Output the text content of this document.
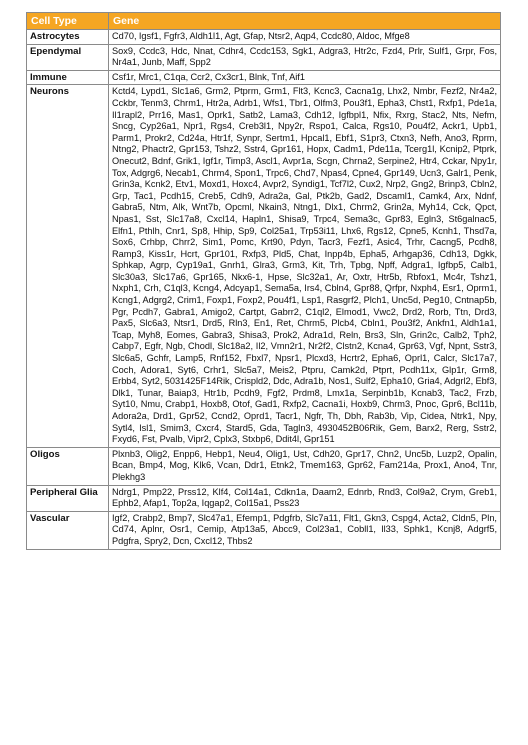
Cell Type	Gene
Astrocytes	Cd70, Igsf1, Fgfr3, Aldh1l1, Agt, Gfap, Ntsr2, Aqp4, Ccdc80, Aldoc, Mfge8
Ependymal	Sox9, Ccdc3, Hdc, Nnat, Cdhr4, Ccdc153, Sgk1, Adgra3, Htr2c, Fzd4, Prlr, Sulf1, Grpr, Fos, Nr4a1, Junb, Maff, Spp2
Immune	Csf1r, Mrc1, C1qa, Ccr2, Cx3cr1, Blnk, Tnf, Aif1
Neurons	Kctd4, Lypd1, Slc1a6, Grm2, Ptprm, Grm1, Flt3, Kcnc3, Cacna1g, Lhx2, Nmbr, Fezf2, Nr4a2, Cckbr, Tenm3, Chrm1, Htr2a, Adrb1, Wfs1, Tbr1, Olfm3, Pou3f1, Epha3, Chst1, Rxfp1, Pde1a, Il1rapl2, Prr16, Mas1, Oprk1, Satb2, Lama3, Cdh12, Igfbpl1, Nfix, Rxrg, Stac2, Nts, Nefm, Sncg, Cyp26a1, Npr1, Rgs4, Creb3l1, Npy2r, Rspo1, Calca, Rgs10, Pou4f2, Ackr1, Upb1, Parm1, Prokr2, Cd24a, Htr1f, Synpr, Sertm1, Hpcal1, Ebf1, S1pr3, Ctxn3, Nefh, Ano3, Rprm, Ntng2, Phactr2, Gpr153, Tshz2, Sstr4, Gpr161, Hopx, Cadm1, Pde11a, Tcerg1l, Kcnip2, Ptprk, Onecut2, Bdnf, Grik1, Igf1r, Timp3, Ascl1, Avpr1a, Scgn, Chrna2, Serpine2, Htr4, Cckar, Npy1r, Tox, Adgrg6, Necab1, Chrm4, Spon1, Trpc6, Chd7, Npas4, Cpne4, Gpr149, Ucn3, Galr1, Penk, Grin3a, Kcnk2, Etv1, Moxd1, Hoxc4, Avpr2, Syndig1, Tcf7l2, Cux2, Nrp2, Gng2, Brinp3, Cbln2, Grp, Tac1, Pcdh15, Creb5, Cdh9, Adra2a, Gal, Ptk2b, Gad2, Dscaml1, Camk4, Arx, Ndnf, Gabra5, Ntm, Alk, Wnt7b, Opcml, Nkain3, Ntng1, Dlx1, Chrm2, Grin2a, Myh14, Cck, Qpct, Npas1, Sst, Slc17a8, Cxcl14, Hapln1, Shisa9, Trpc4, Sema3c, Gpr83, Egln3, St6galnac5, Elfn1, Pthlh, Cnr1, Sp8, Hhip, Sp9, Col25a1, Trp53i11, Lhx6, Rgs12, Cpne5, Kcnh1, Thsd7a, Sox6, Crhbp, Chrr2, Sim1, Pomc, Krt90, Pdyn, Tacr3, Fezf1, Asic4, Trhr, Cacng5, Pcdh8, Ramp3, Kiss1r, Hcrt, Gpr101, Rxfp3, Pld5, Chat, Inpp4b, Epha5, Arhgap36, Cdh13, Dgkk, Sphkap, Agrp, Cyp19a1, Gnrh1, Glra3, Grm3, Kit, Trh, Tpbg, Npff, Adgra1, Igfbp5, Calb1, Slc30a3, Slc17a6, Gpr165, Nkx6-1, Hpse, Slc32a1, Ar, Oxtr, Htr5b, Rbfox1, Mc4r, Tshz1, Nxph1, Crh, C1ql3, Kcng4, Adcyap1, Sema5a, Irs4, Cbln4, Gpr88, Qrfpr, Nxph4, Esr1, Oprm1, Kcng1, Adgrg2, Crim1, Foxp1, Foxp2, Pou4f1, Lsp1, Rasgrf2, Plch1, Unc5d, Peg10, Cntnap5b, Pgr, Pcdh7, Gabra1, Amigo2, Cartpt, Gabrr2, C1ql2, Elmod1, Vwc2, Drd2, Rorb, Ttn, Drd3, Pax5, Slc6a3, Ntsr1, Drd5, Rln3, En1, Ret, Chrm5, Plcb4, Cbln1, Pou3f2, Ankfn1, Aldh1a1, Tcap, Myh8, Eomes, Gabra3, Shisa3, Prok2, Adra1d, Reln, Brs3, Sln, Grin2c, Calb2, Tph2, Cabp7, Egfr, Ngb, Chodl, Slc18a2, Il2, Vmn2r1, Nr2f2, Clstn2, Kcna4, Gpr63, Vgf, Npnt, Sstr3, Slc6a5, Gchfr, Lamp5, Rnf152, Fbxl7, Npsr1, Plcxd3, Hcrtr2, Epha6, Oprl1, Calcr, Slc17a7, Coch, Adora1, Syt6, Crhr1, Slc5a7, Meis2, Ptpru, Camk2d, Ptprt, Pcdh11x, Glp1r, Grm8, Erbb4, Syt2, 5031425F14Rik, Crispld2, Ddc, Adra1b, Nos1, Sulf2, Epha10, Gria4, Adgrl2, Ebf3, Dlk1, Tunar, Baiap3, Htr1b, Pcdh9, Fgf2, Prdm8, Lmx1a, Serpinb1b, Kcnab3, Tac2, Frzb, Syt10, Nmu, Crabp1, Hoxb8, Otof, Gad1, Rxfp2, Cacna1i, Hoxb9, Chrm3, Pnoc, Gpr6, Bcl11b, Adora2a, Drd1, Gpr52, Ccnd2, Oprd1, Tacr1, Ngfr, Th, Dbh, Rab3b, Vip, Cidea, Ntrk1, Npy, Sytl4, Isl1, Smim3, Cxcr4, Stard5, Gda, Tagln3, 4930452B06Rik, Gem, Barx2, Rerg, Sstr2, Fxyd6, Fst, Pvalb, Vipr2, Cplx3, Stxbp6, Ddit4l, Gpr151
Oligos	Plxnb3, Olig2, Enpp6, Hebp1, Neu4, Olig1, Ust, Cdh20, Gpr17, Chn2, Unc5b, Luzp2, Opalin, Bcan, Bmp4, Mog, Klk6, Vcan, Ddr1, Etnk2, Tmem163, Gpr62, Fam214a, Prox1, Ano4, Tnr, Plekhg3
Peripheral Glia	Ndrg1, Pmp22, Prss12, Klf4, Col14a1, Cdkn1a, Daam2, Ednrb, Rnd3, Col9a2, Crym, Greb1, Ephb2, Afap1, Top2a, Iqgap2, Col15a1, Pss23
Vascular	Igf2, Crabp2, Bmp7, Slc47a1, Efemp1, Pdgfrb, Slc7a11, Flt1, Gkn3, Cspg4, Acta2, Cldn5, Pln, Cd74, Aplnr, Osr1, Cemip, Atp13a5, Abcc9, Col23a1, Cobll1, Il33, Sphk1, Kcnj8, Adgrf5, Pdgfra, Spry2, Dcn, Cxcl12, Thbs2
